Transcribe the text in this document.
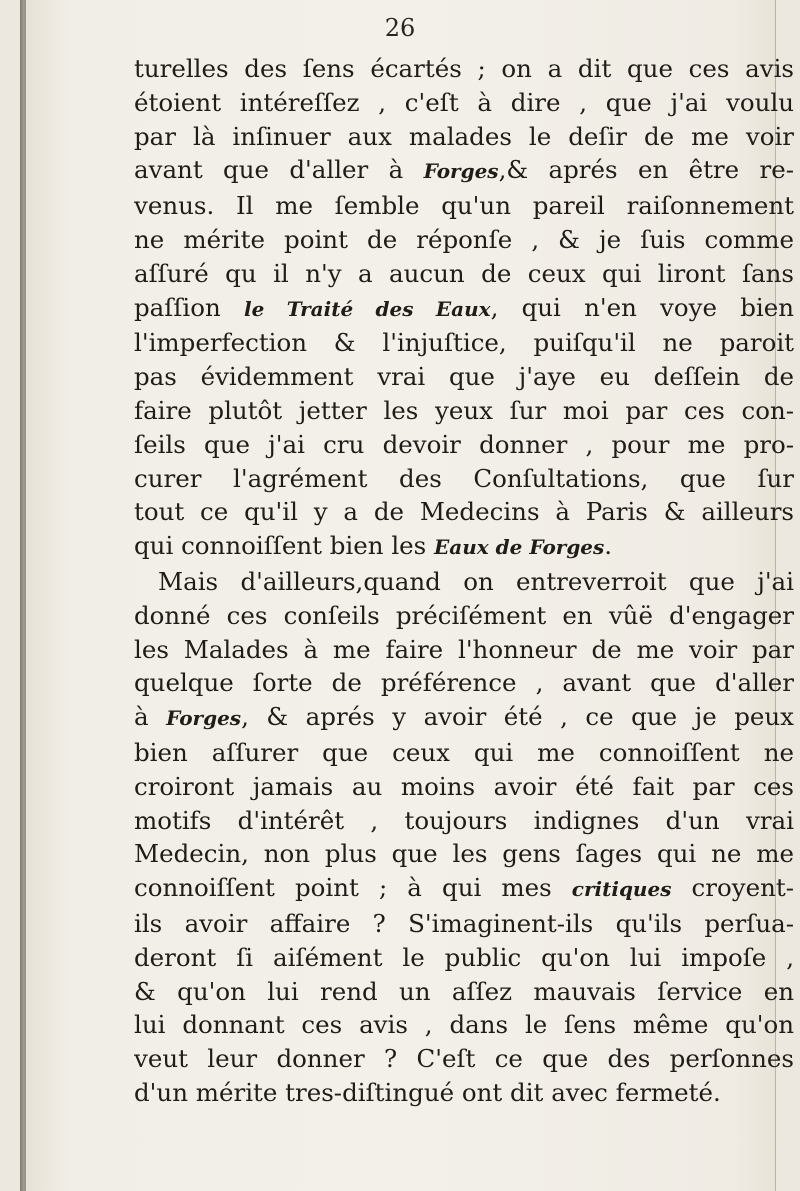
26
turelles des ſens écartés ; on a dit que ces avis
étoient intéreſſez , c'eſt à dire , que j'ai voulu
par là inſinuer aux malades le deſir de me voir
avant que d'aller à Forges,& aprés en être re-
venus. Il me ſemble qu'un pareil raiſonnement
ne mérite point de réponſe , & je ſuis comme
aſſuré qu il n'y a aucun de ceux qui liront ſans
paſſion le Traité des Eaux, qui n'en voye bien
l'imperfection & l'injuſtice, puiſqu'il ne paroit
pas évidemment vrai que j'aye eu deſſein de
faire plutôt jetter les yeux ſur moi par ces con-
ſeils que j'ai cru devoir donner , pour me pro-
curer l'agrément des Conſultations, que ſur
tout ce qu'il y a de Medecins à Paris & ailleurs
qui connoiſſent bien les Eaux de Forges.
Mais d'ailleurs,quand on entreverroit que j'ai
donné ces conſeils préciſément en vûë d'engager
les Malades à me faire l'honneur de me voir par
quelque ſorte de préférence , avant que d'aller
à Forges, & aprés y avoir été , ce que je peux
bien aſſurer que ceux qui me connoiſſent ne
croiront jamais au moins avoir été fait par ces
motifs d'intérêt , toujours indignes d'un vrai
Medecin, non plus que les gens ſages qui ne me
connoiſſent point ; à qui mes critiques croyent-
ils avoir affaire ? S'imaginent-ils qu'ils perſua-
deront ſi aiſément le public qu'on lui impoſe ,
& qu'on lui rend un aſſez mauvais ſervice en
lui donnant ces avis , dans le ſens même qu'on
veut leur donner ? C'eſt ce que des perſonnes
d'un mérite tres-diſtingué ont dit avec fermeté.
